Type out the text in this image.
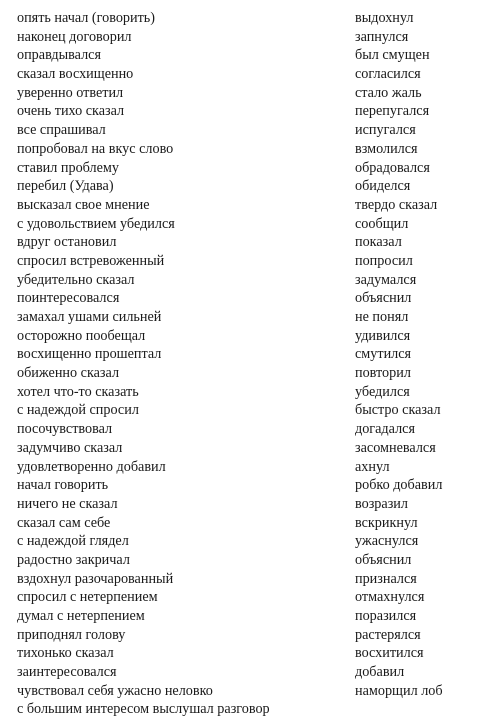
опять начал (говорить)
наконец договорил
оправдывался
сказал восхищенно
уверенно ответил
очень тихо сказал
все спрашивал
попробовал на вкус слово
ставил проблему
перебил (Удава)
высказал свое мнение
с удовольствием убедился
вдруг остановил
спросил встревоженный
убедительно сказал
поинтересовался
замахал ушами сильней
осторожно пообещал
восхищенно прошептал
обиженно сказал
хотел что-то сказать
с надеждой спросил
посочувствовал
задумчиво сказал
удовлетворенно добавил
начал говорить
ничего не сказал
сказал сам себе
с надеждой глядел
радостно закричал
вздохнул разочарованный
спросил с нетерпением
думал с нетерпением
приподнял голову
тихонько сказал
заинтересовался
чувствовал себя ужасно неловко
с большим интересом выслушал разговор
выдохнул
запнулся
был смущен
согласился
стало жаль
перепугался
испугался
взмолился
обрадовался
обиделся
твердо сказал
сообщил
показал
попросил
задумался
объяснил
не понял
удивился
смутился
повторил
убедился
быстро сказал
догадался
засомневался
ахнул
робко добавил
возразил
вскрикнул
ужаснулся
объяснил
признался
отмахнулся
поразился
растерялся
восхитился
добавил
наморщил лоб
